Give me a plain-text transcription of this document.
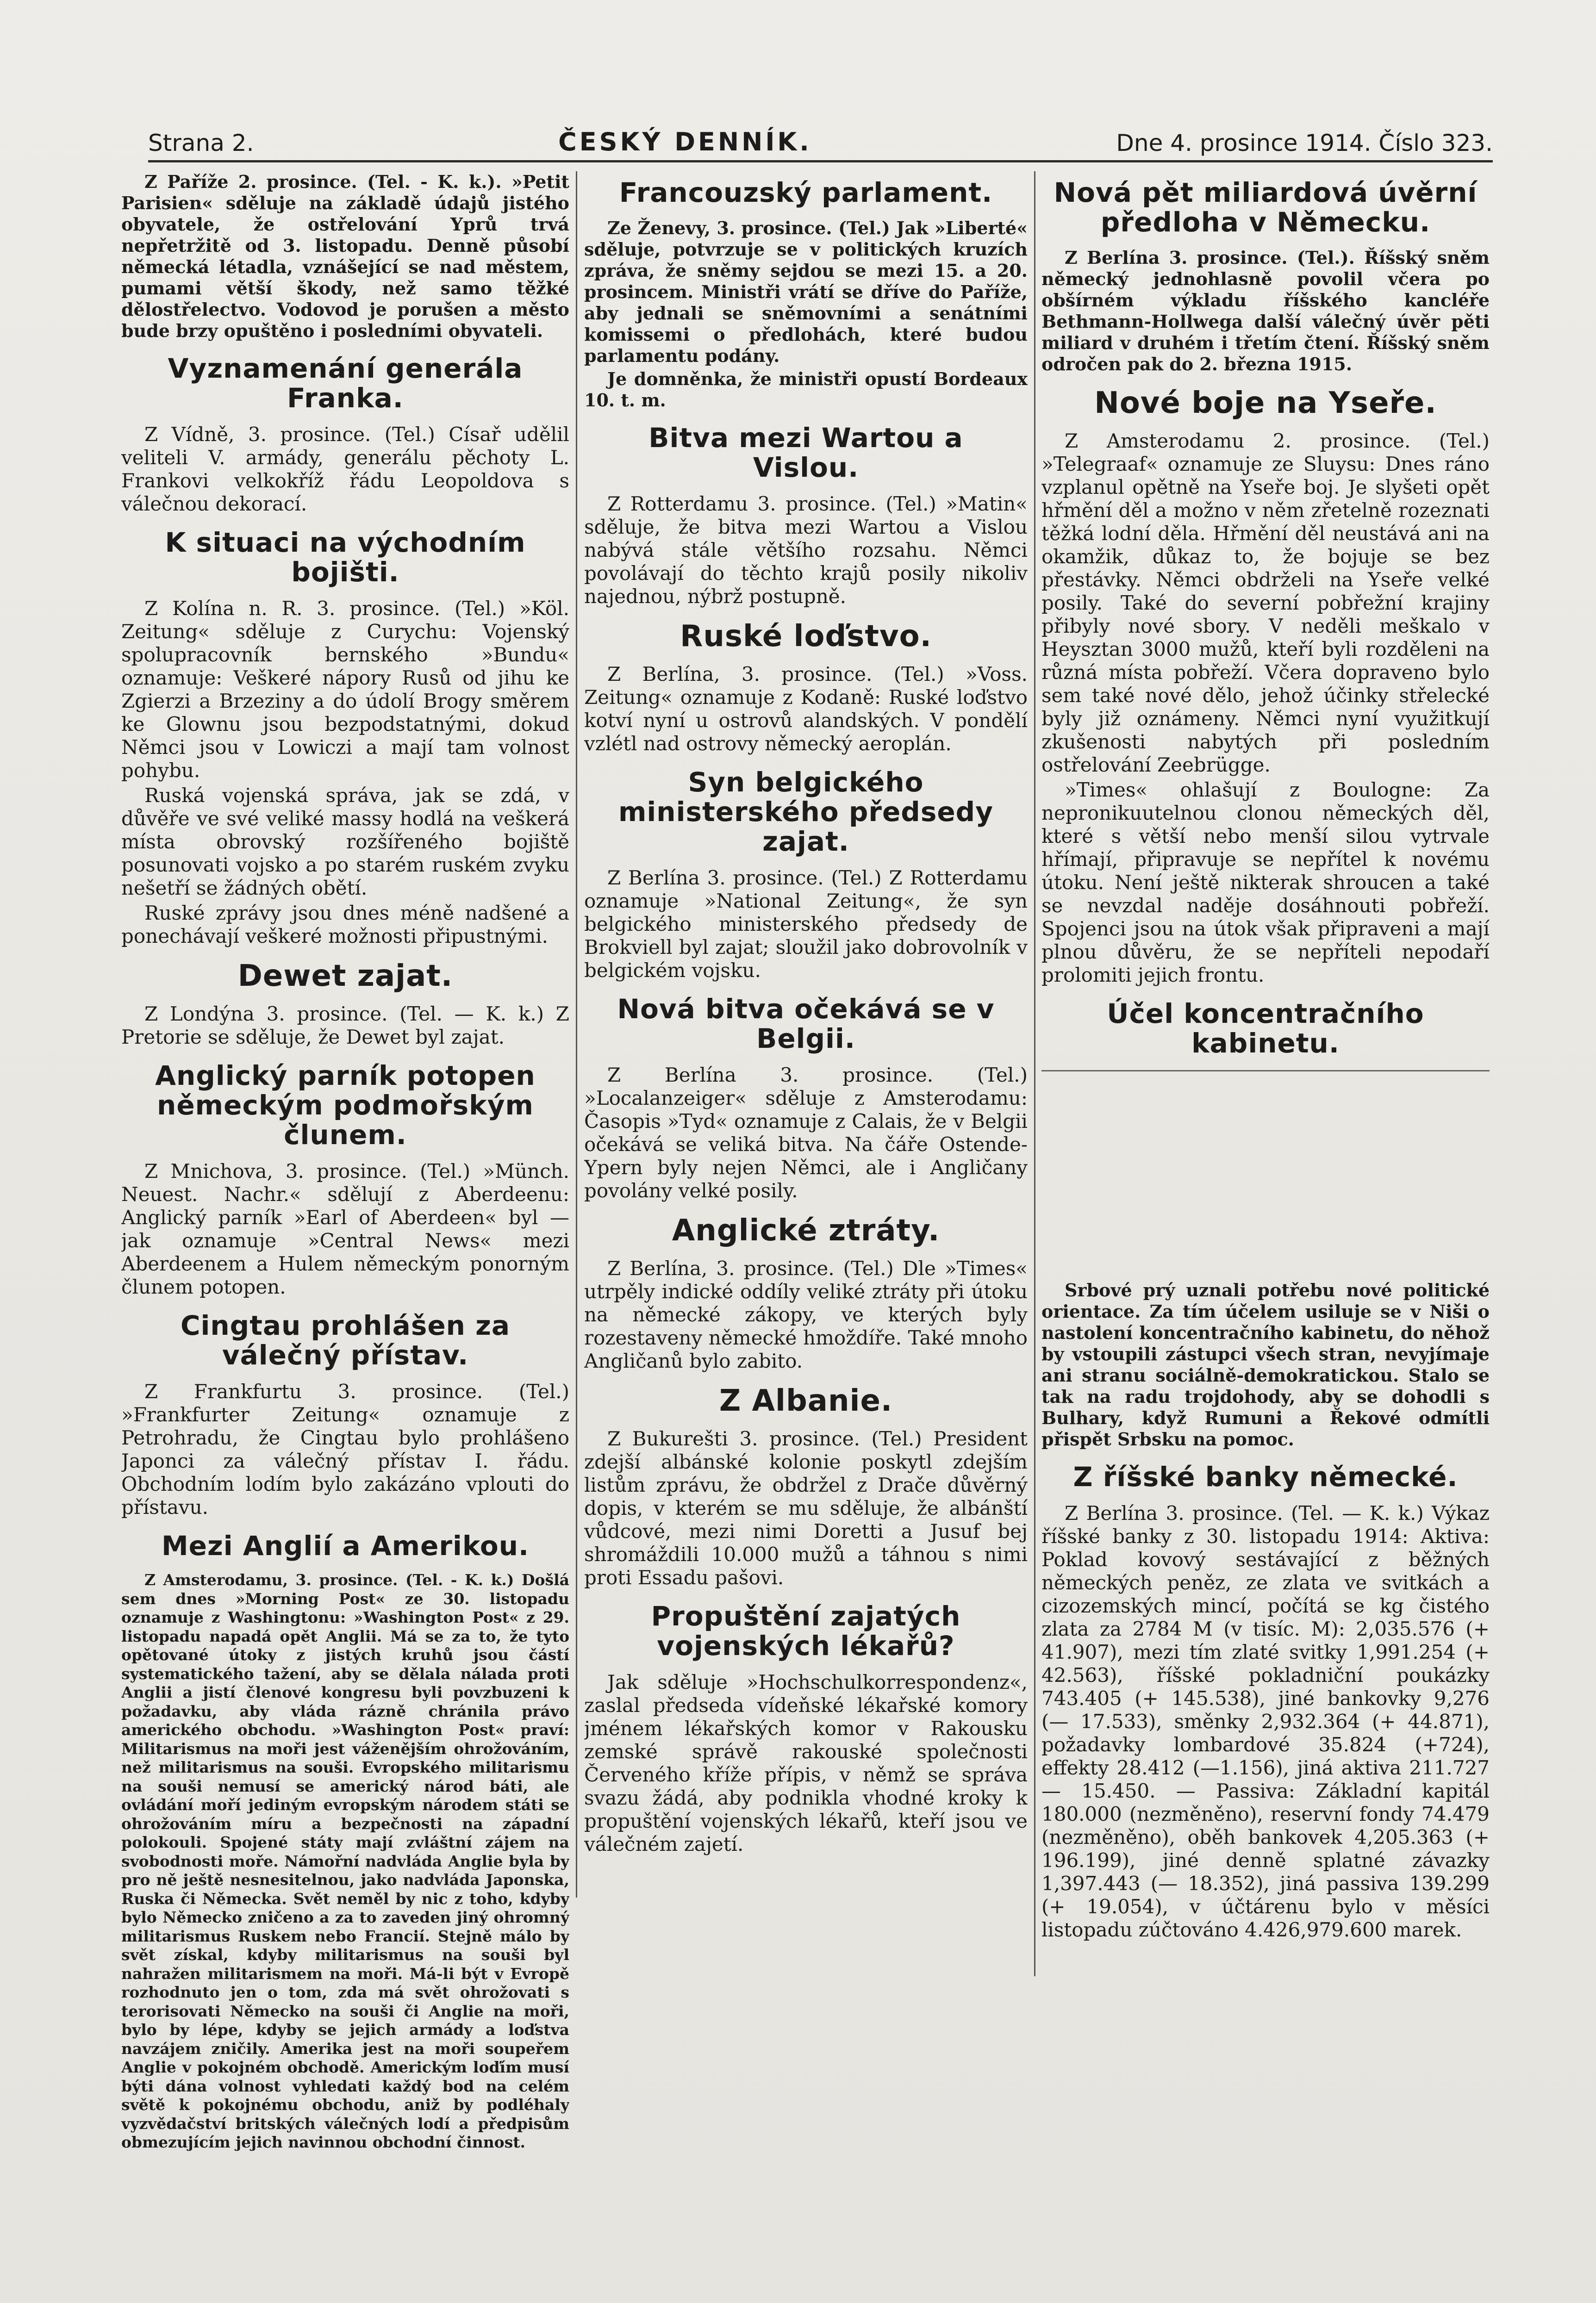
Strana 2.	ČESKÝ DENNÍK.	Dne 4. prosince 1914. Číslo 323.

Z Paříže 2. prosince. (Tel. - K. k.). »Petit Parisien« sděluje na základě údajů jistého obyvatele, že ostřelování Yprů trvá nepřetržitě od 3. listopadu. Denně působí německá létadla, vznášející se nad městem, pumami větší škody, než samo těžké dělostřelectvo. Vodovod je porušen a město bude brzy opuštěno i posledními obyvateli.

Vyznamenání generála Franka.

Z Vídně, 3. prosince. (Tel.) Císař udělil veliteli V. armády, generálu pěchoty L. Frankovi velkokříž řádu Leopoldova s válečnou dekorací.

K situaci na východním bojišti.

Z Kolína n. R. 3. prosince. (Tel.) »Köl. Zeitung« sděluje z Curychu: Vojenský spolupracovník bernského »Bundu« oznamuje: Veškeré nápory Rusů od jihu ke Zgierzi a Brzeziny a do údolí Brogy směrem ke Glownu jsou bezpodstatnými, dokud Němci jsou v Lowiczi a mají tam volnost pohybu.

Ruská vojenská správa, jak se zdá, v důvěře ve své veliké massy hodlá na veškerá místa obrovský rozšířeného bojiště posunovati vojsko a po starém ruském zvyku nešetří se žádných obětí.

Ruské zprávy jsou dnes méně nadšené a ponechávají veškeré možnosti připustnými.

Dewet zajat.

Z Londýna 3. prosince. (Tel. — K. k.) Z Pretorie se sděluje, že Dewet byl zajat.

Anglický parník potopen německým podmořským člunem.

Z Mnichova, 3. prosince. (Tel.) »Münch. Neuest. Nachr.« sdělují z Aberdeenu: Anglický parník »Earl of Aberdeen« byl — jak oznamuje »Central News« mezi Aberdeenem a Hulem německým ponorným člunem potopen.

Cingtau prohlášen za válečný přístav.

Z Frankfurtu 3. prosince. (Tel.) »Frankfurter Zeitung« oznamuje z Petrohradu, že Cingtau bylo prohlášeno Japonci za válečný přístav I. řádu. Obchodním lodím bylo zakázáno vplouti do přístavu.

Mezi Anglií a Amerikou.

Z Amsterodamu, 3. prosince. (Tel. - K. k.) Došlá sem dnes »Morning Post« ze 30. listopadu oznamuje z Washingtonu: »Washington Post« z 29. listopadu napadá opět Anglii. Má se za to, že tyto opětované útoky z jistých kruhů jsou částí systematického tažení, aby se dělala nálada proti Anglii a jistí členové kongresu byli povzbuzeni k požadavku, aby vláda rázně chránila právo amerického obchodu. »Washington Post« praví: Militarismus na moři jest váženějším ohrožováním, než militarismus na souši. Evropského militarismu na souši nemusí se americký národ báti, ale ovládání moří jediným evropským národem státi se ohrožováním míru a bezpečnosti na západní polokouli. Spojené státy mají zvláštní zájem na svobodnosti moře. Námořní nadvláda Anglie byla by pro ně ještě nesnesitelnou, jako nadvláda Japonska, Ruska či Německa. Svět neměl by nic z toho, kdyby bylo Německo zničeno a za to zaveden jiný ohromný militarismus Ruskem nebo Francií. Stejně málo by svět získal, kdyby militarismus na souši byl nahražen militarismem na moři. Má-li být v Evropě rozhodnuto jen o tom, zda má svět ohrožovati s terorisovati Německo na souši či Anglie na moři, bylo by lépe, kdyby se jejich armády a loďstva navzájem zničily. Amerika jest na moři soupeřem Anglie v pokojném obchodě. Americkým loďím musí býti dána volnost vyhledati každý bod na celém světě k pokojnému obchodu, aniž by podléhaly vyzvědačství britských válečných lodí a předpisům obmezujícím jejich navinnou obchodní činnost.

Francouzský parlament.

Ze Ženevy, 3. prosince. (Tel.) Jak »Liberté« sděluje, potvrzuje se v politických kruzích zpráva, že sněmy sejdou se mezi 15. a 20. prosincem. Ministři vrátí se dříve do Paříže, aby jednali se sněmovními a senátními komissemi o předlohách, které budou parlamentu podány.

Je domněnka, že ministři opustí Bordeaux 10. t. m.

Bitva mezi Wartou a Vislou.

Z Rotterdamu 3. prosince. (Tel.) »Matin« sděluje, že bitva mezi Wartou a Vislou nabývá stále většího rozsahu. Němci povolávají do těchto krajů posily nikoliv najednou, nýbrž postupně.

Ruské loďstvo.

Z Berlína, 3. prosince. (Tel.) »Voss. Zeitung« oznamuje z Kodaně: Ruské loďstvo kotví nyní u ostrovů alandských. V pondělí vzlétl nad ostrovy německý aeroplán.

Syn belgického ministerského předsedy zajat.

Z Berlína 3. prosince. (Tel.) Z Rotterdamu oznamuje »National Zeitung«, že syn belgického ministerského předsedy de Brokviell byl zajat; sloužil jako dobrovolník v belgickém vojsku.

Nová bitva očekává se v Belgii.

Z Berlína 3. prosince. (Tel.) »Localanzeiger« sděluje z Amsterodamu: Časopis »Tyd« oznamuje z Calais, že v Belgii očekává se veliká bitva. Na čáře Ostende-Ypern byly nejen Němci, ale i Angličany povolány velké posily.

Anglické ztráty.

Z Berlína, 3. prosince. (Tel.) Dle »Times« utrpěly indické oddíly veliké ztráty při útoku na německé zákopy, ve kterých byly rozestaveny německé hmoždíře. Také mnoho Angličanů bylo zabito.

Z Albanie.

Z Bukurešti 3. prosince. (Tel.) President zdejší albánské kolonie poskytl zdejším listům zprávu, že obdržel z Drače důvěrný dopis, v kterém se mu sděluje, že albánští vůdcové, mezi nimi Doretti a Jusuf bej shromáždili 10.000 mužů a táhnou s nimi proti Essadu pašovi.

Propuštění zajatých vojenských lékařů?

Jak sděluje »Hochschulkorrespondenz«, zaslal předseda vídeňské lékařské komory jménem lékařských komor v Rakousku zemské správě rakouské společnosti Červeného kříže přípis, v němž se správa svazu žádá, aby podnikla vhodné kroky k propuštění vojenských lékařů, kteří jsou ve válečném zajetí.

Nová pět miliardová úvěrní předloha v Německu.

Z Berlína 3. prosince. (Tel.). Říšský sněm německý jednohlasně povolil včera po obšírném výkladu říšského kancléře Bethmann-Hollwega další válečný úvěr pěti miliard v druhém i třetím čtení. Říšský sněm odročen pak do 2. března 1915.

Nové boje na Yseře.

Z Amsterodamu 2. prosince. (Tel.) »Telegraaf« oznamuje ze Sluysu: Dnes ráno vzplanul opětně na Yseře boj. Je slyšeti opět hřmění děl a možno v něm zřetelně rozeznati těžká lodní děla. Hřmění děl neustává ani na okamžik, důkaz to, že bojuje se bez přestávky. Němci obdrželi na Yseře velké posily. Také do severní pobřežní krajiny přibyly nové sbory. V neděli meškalo v Heysztan 3000 mužů, kteří byli rozděleni na různá místa pobřeží. Včera dopraveno bylo sem také nové dělo, jehož účinky střelecké byly již oznámeny. Němci nyní využitkují zkušenosti nabytých při posledním ostřelování Zeebrügge.

»Times« ohlašují z Boulogne: Za nepronikuutelnou clonou německých děl, které s větší nebo menší silou vytrvale hřímají, připravuje se nepřítel k novému útoku. Není ještě nikterak shroucen a také se nevzdal naděje dosáhnouti pobřeží. Spojenci jsou na útok však připraveni a mají plnou důvěru, že se nepříteli nepodaří prolomiti jejich frontu.

Účel koncentračního kabinetu.

Srbové prý uznali potřebu nové politické orientace. Za tím účelem usiluje se v Niši o nastolení koncentračního kabinetu, do něhož by vstoupili zástupci všech stran, nevyjímaje ani stranu sociálně-demokratickou. Stalo se tak na radu trojdohody, aby se dohodli s Bulhary, když Rumuni a Řekové odmítli přispět Srbsku na pomoc.

Z říšské banky německé.

Z Berlína 3. prosince. (Tel. — K. k.) Výkaz říšské banky z 30. listopadu 1914: Aktiva: Poklad kovový sestávající z běžných německých peněz, ze zlata ve svitkách a cizozemských mincí, počítá se kg čistého zlata za 2784 M (v tisíc. M): 2,035.576 (+ 41.907), mezi tím zlaté svitky 1,991.254 (+ 42.563), říšské pokladniční poukázky 743.405 (+ 145.538), jiné bankovky 9,276 (— 17.533), směnky 2,932.364 (+ 44.871), požadavky lombardové 35.824 (+724), effekty 28.412 (—1.156), jiná aktiva 211.727 — 15.450. — Passiva: Základní kapitál 180.000 (nezměněno), reservní fondy 74.479 (nezměněno), oběh bankovek 4,205.363 (+ 196.199), jiné denně splatné závazky 1,397.443 (— 18.352), jiná passiva 139.299 (+ 19.054), v účtárenu bylo v měsíci listopadu zúčtováno 4.426,979.600 marek.
